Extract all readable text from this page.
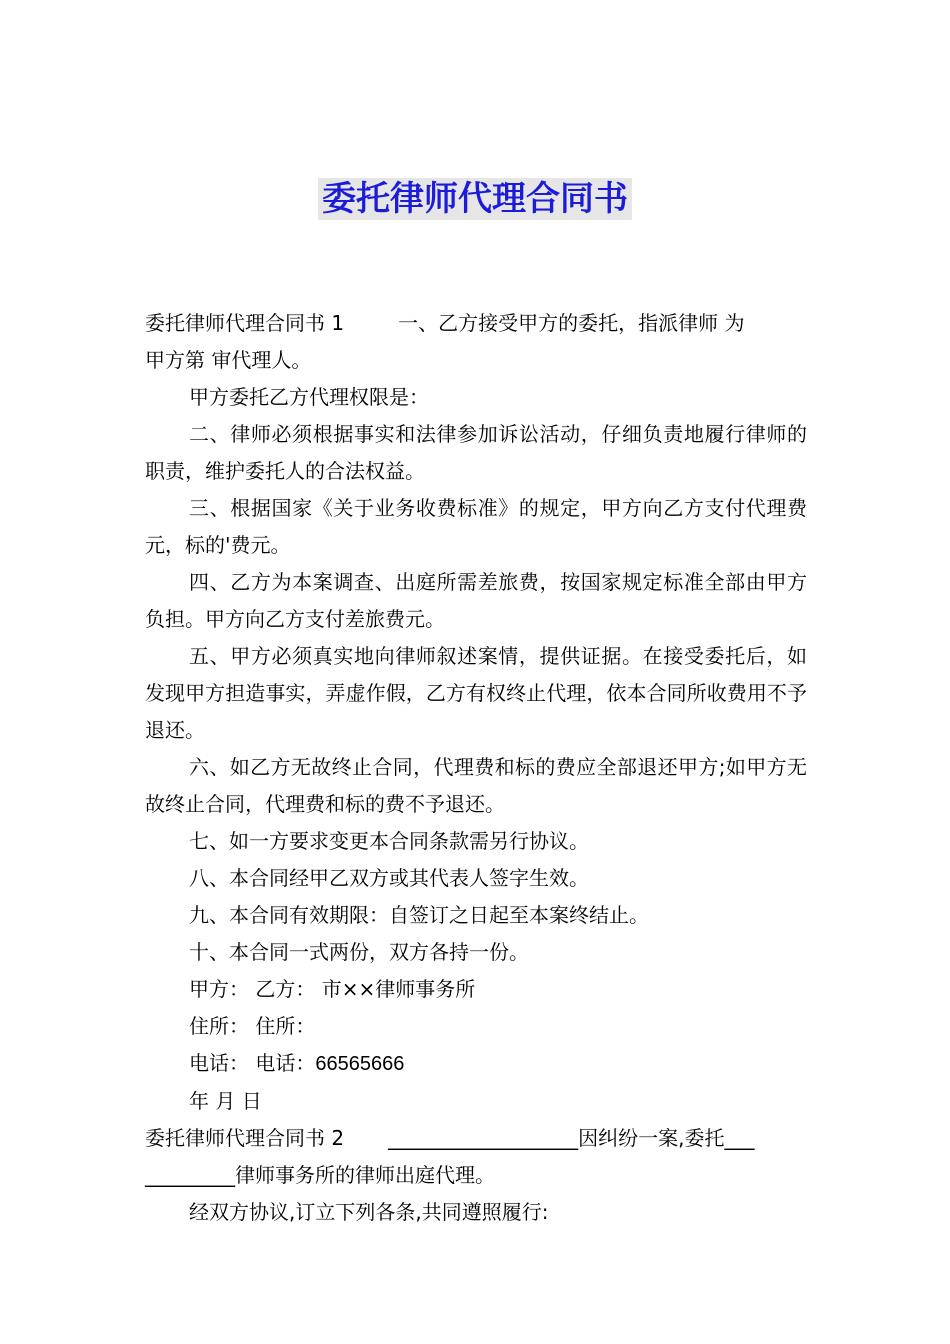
委托律师代理合同书
委托律师代理合同书 1	一、乙方接受甲方的委托，指派律师 为
甲方第 审代理人。

甲方委托乙方代理权限是：

二、律师必须根据事实和法律参加诉讼活动，仔细负责地履行律师的职责，维护委托人的合法权益。

三、根据国家《关于业务收费标准》的规定，甲方向乙方支付代理费元，标的'费元。

四、乙方为本案调查、出庭所需差旅费，按国家规定标准全部由甲方负担。甲方向乙方支付差旅费元。

五、甲方必须真实地向律师叙述案情，提供证据。在接受委托后，如发现甲方担造事实，弄虚作假，乙方有权终止代理，依本合同所收费用不予退还。

六、如乙方无故终止合同，代理费和标的费应全部退还甲方;如甲方无故终止合同，代理费和标的费不予退还。

七、如一方要求变更本合同条款需另行协议。

八、本合同经甲乙双方或其代表人签字生效。

九、本合同有效期限：自签订之日起至本案终结止。

十、本合同一式两份，双方各持一份。

甲方： 乙方： 市××律师事务所

住所： 住所：

电话： 电话：66565666

年 月 日

委托律师代理合同书 2 ___________________因纠纷一案,委托___
_________律师事务所的律师出庭代理。

经双方协议,订立下列各条,共同遵照履行:
